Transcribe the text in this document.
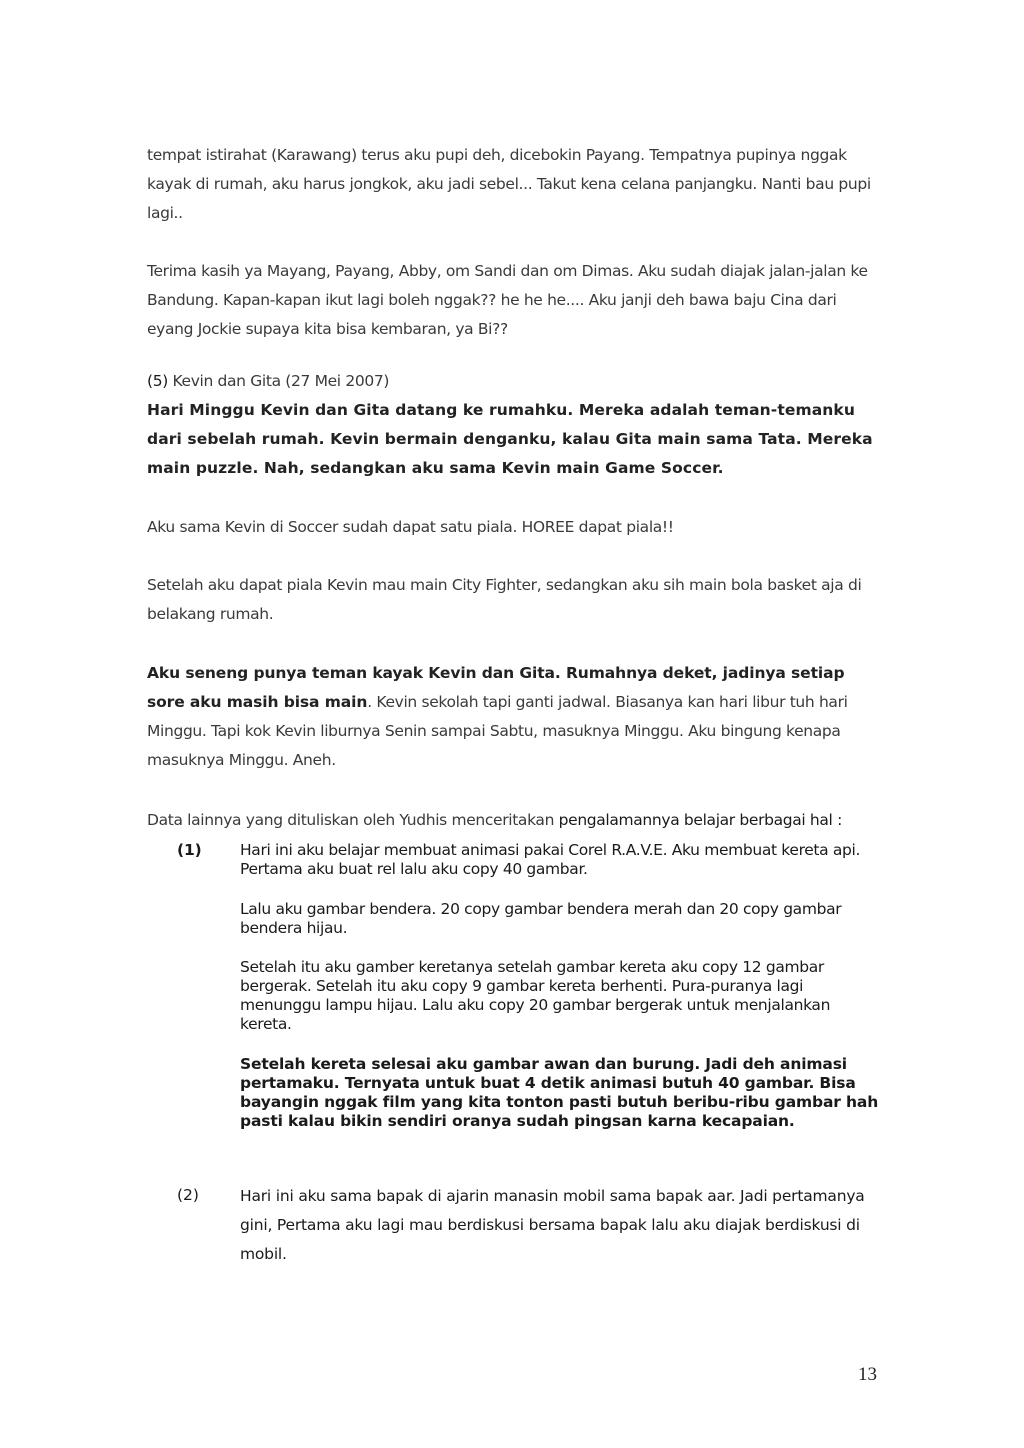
tempat istirahat (Karawang) terus aku pupi deh, dicebokin Payang. Tempatnya pupinya nggak kayak di rumah, aku harus jongkok, aku jadi sebel... Takut kena celana panjangku. Nanti bau pupi lagi..
Terima kasih ya Mayang, Payang, Abby, om Sandi dan om Dimas. Aku sudah diajak jalan-jalan ke Bandung. Kapan-kapan ikut lagi boleh nggak?? he he he.... Aku janji deh bawa baju Cina dari eyang Jockie supaya kita bisa kembaran, ya Bi??
(5) Kevin dan Gita (27 Mei 2007)
Hari Minggu Kevin dan Gita datang ke rumahku. Mereka adalah teman-temanku dari sebelah rumah. Kevin bermain denganku, kalau Gita main sama Tata. Mereka main puzzle. Nah, sedangkan aku sama Kevin main Game Soccer.
Aku sama Kevin di Soccer sudah dapat satu piala. HOREE dapat piala!!
Setelah aku dapat piala Kevin mau main City Fighter, sedangkan aku sih main bola basket aja di belakang rumah.
Aku seneng punya teman kayak Kevin dan Gita. Rumahnya deket, jadinya setiap sore aku masih bisa main. Kevin sekolah tapi ganti jadwal. Biasanya kan hari libur tuh hari Minggu. Tapi kok Kevin liburnya Senin sampai Sabtu, masuknya Minggu. Aku bingung kenapa masuknya Minggu. Aneh.
Data lainnya yang dituliskan oleh Yudhis menceritakan pengalamannya belajar berbagai hal :
(1) Hari ini aku belajar membuat animasi pakai Corel R.A.V.E. Aku membuat kereta api. Pertama aku buat rel lalu aku copy 40 gambar.
Lalu aku gambar bendera. 20 copy gambar bendera merah dan 20 copy gambar bendera hijau.
Setelah itu aku gamber keretanya setelah gambar kereta aku copy 12 gambar bergerak. Setelah itu aku copy 9 gambar kereta berhenti. Pura-puranya lagi menunggu lampu hijau. Lalu aku copy 20 gambar bergerak untuk menjalankan kereta.
Setelah kereta selesai aku gambar awan dan burung. Jadi deh animasi pertamaku. Ternyata untuk buat 4 detik animasi butuh 40 gambar. Bisa bayangin nggak film yang kita tonton pasti butuh beribu-ribu gambar hah pasti kalau bikin sendiri oranya sudah pingsan karna kecapaian.
(2)	Hari ini aku sama bapak di ajarin manasin mobil sama bapak aar. Jadi pertamanya gini, Pertama aku lagi mau berdiskusi bersama bapak lalu aku diajak berdiskusi di mobil.
13
